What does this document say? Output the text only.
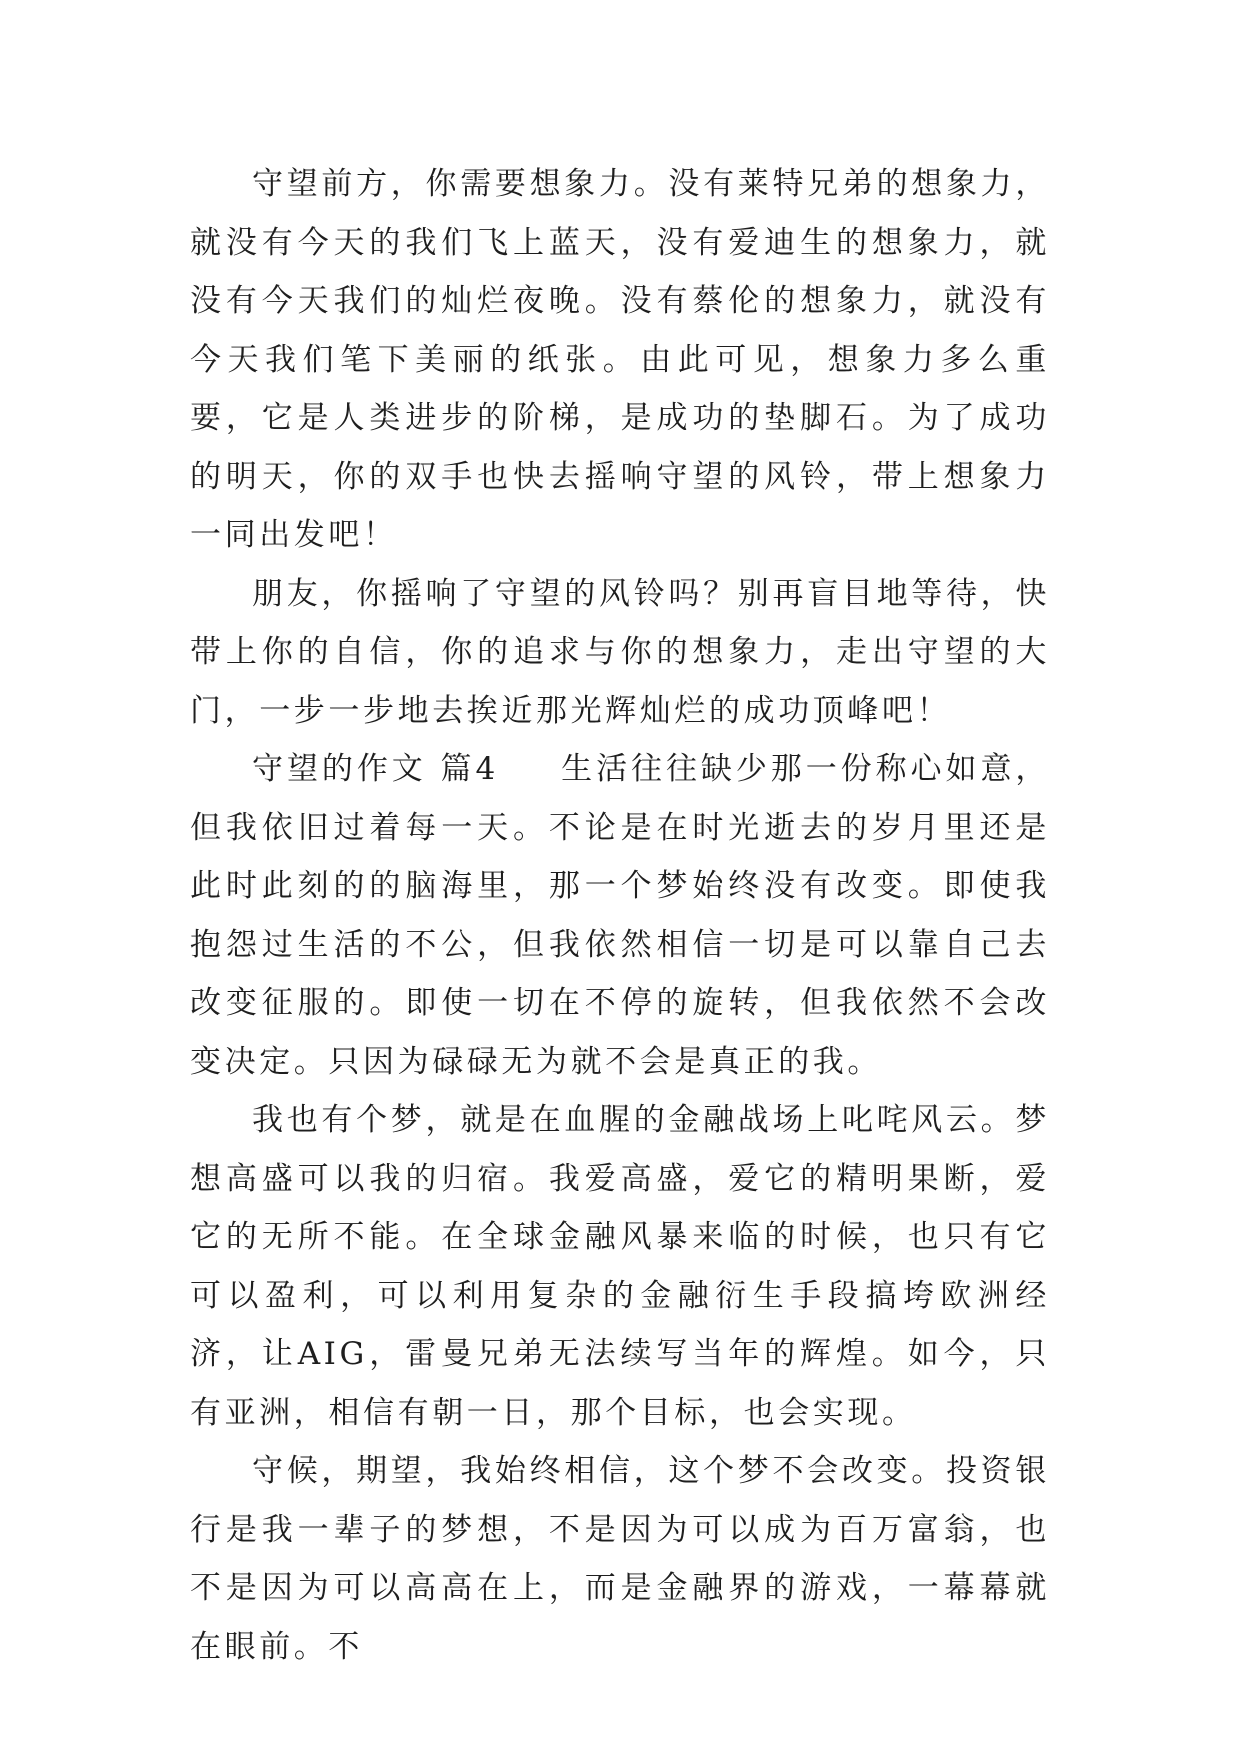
守望前方，你需要想象力。没有莱特兄弟的想象力，就没有今天的我们飞上蓝天，没有爱迪生的想象力，就没有今天我们的灿烂夜晚。没有蔡伦的想象力，就没有今天我们笔下美丽的纸张。由此可见，想象力多么重要，它是人类进步的阶梯，是成功的垫脚石。为了成功的明天，你的双手也快去摇响守望的风铃，带上想象力一同出发吧！

朋友，你摇响了守望的风铃吗？别再盲目地等待，快带上你的自信，你的追求与你的想象力，走出守望的大门，一步一步地去挨近那光辉灿烂的成功顶峰吧！

守望的作文 篇4 生活往往缺少那一份称心如意，但我依旧过着每一天。不论是在时光逝去的岁月里还是此时此刻的的脑海里，那一个梦始终没有改变。即使我抱怨过生活的不公，但我依然相信一切是可以靠自己去改变征服的。即使一切在不停的旋转，但我依然不会改变决定。只因为碌碌无为就不会是真正的我。

我也有个梦，就是在血腥的金融战场上叱咤风云。梦想高盛可以我的归宿。我爱高盛，爱它的精明果断，爱它的无所不能。在全球金融风暴来临的时候，也只有它可以盈利，可以利用复杂的金融衍生手段搞垮欧洲经济，让AIG，雷曼兄弟无法续写当年的辉煌。如今，只有亚洲，相信有朝一日，那个目标，也会实现。

守候，期望，我始终相信，这个梦不会改变。投资银行是我一辈子的梦想，不是因为可以成为百万富翁，也不是因为可以高高在上，而是金融界的游戏，一幕幕就在眼前。不
